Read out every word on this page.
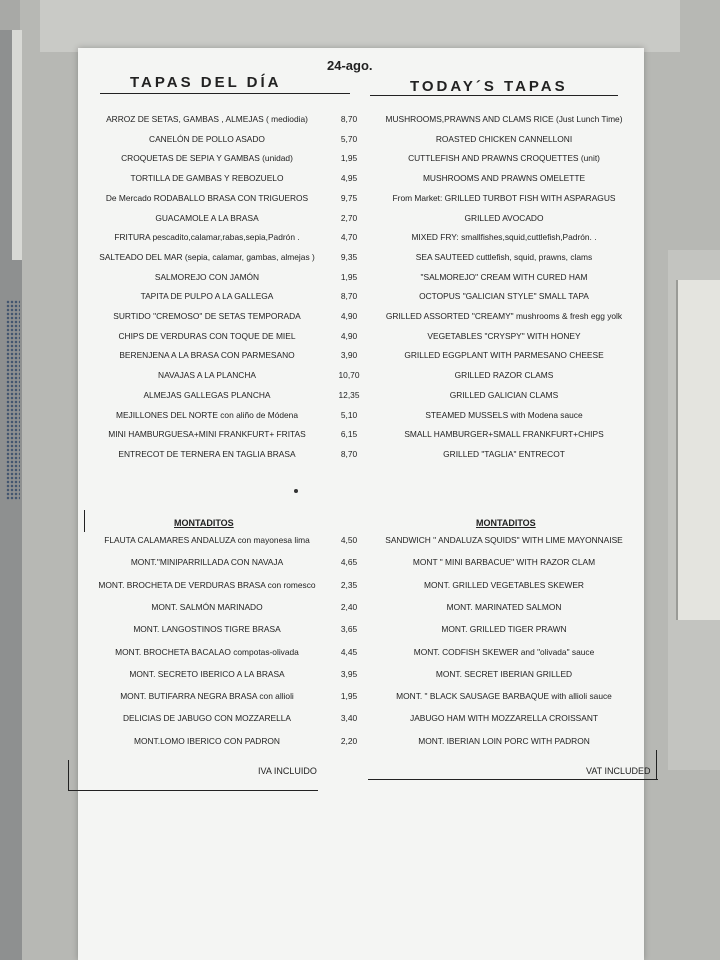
24-ago.
TAPAS DEL DÍA	TODAY´S TAPAS
ARROZ DE SETAS, GAMBAS , ALMEJAS ( mediodia)	8,70	MUSHROOMS,PRAWNS AND CLAMS RICE (Just Lunch Time)
CANELÓN DE POLLO ASADO	5,70	ROASTED CHICKEN CANNELLONI
CROQUETAS DE SEPIA Y GAMBAS (unidad)	1,95	CUTTLEFISH AND PRAWNS CROQUETTES (unit)
TORTILLA DE GAMBAS Y REBOZUELO	4,95	MUSHROOMS AND PRAWNS OMELETTE
De Mercado RODABALLO BRASA CON TRIGUEROS	9,75	From Market: GRILLED TURBOT FISH WITH ASPARAGUS
GUACAMOLE A LA BRASA	2,70	GRILLED AVOCADO
FRITURA pescadito,calamar,rabas,sepia,Padrón .	4,70	MIXED FRY: smallfishes,squid,cuttlefish,Padrón. .
SALTEADO DEL MAR (sepia, calamar, gambas, almejas )	9,35	SEA SAUTEED cuttlefish, squid, prawns, clams
SALMOREJO CON JAMÓN	1,95	"SALMOREJO" CREAM WITH CURED HAM
TAPITA DE PULPO A LA GALLEGA	8,70	OCTOPUS "GALICIAN STYLE" SMALL TAPA
SURTIDO "CREMOSO" DE SETAS TEMPORADA	4,90	GRILLED ASSORTED "CREAMY" mushrooms & fresh egg yolk
CHIPS DE VERDURAS CON TOQUE DE MIEL	4,90	VEGETABLES "CRYSPY" WITH HONEY
BERENJENA A LA BRASA CON PARMESANO	3,90	GRILLED EGGPLANT WITH PARMESANO CHEESE
NAVAJAS A LA PLANCHA	10,70	GRILLED RAZOR CLAMS
ALMEJAS GALLEGAS PLANCHA	12,35	GRILLED GALICIAN CLAMS
MEJILLONES DEL NORTE con aliño de Módena	5,10	STEAMED MUSSELS with Modena sauce
MINI HAMBURGUESA+MINI FRANKFURT+ FRITAS	6,15	SMALL HAMBURGER+SMALL FRANKFURT+CHIPS
ENTRECOT DE TERNERA EN TAGLIA BRASA	8,70	GRILLED "TAGLIA" ENTRECOT
MONTADITOS	MONTADITOS
FLAUTA CALAMARES ANDALUZA con mayonesa lima	4,50	SANDWICH " ANDALUZA SQUIDS" WITH LIME MAYONNAISE
MONT."MINIPARRILLADA CON NAVAJA	4,65	MONT " MINI BARBACUE" WITH RAZOR CLAM
MONT. BROCHETA DE VERDURAS BRASA con romesco	2,35	MONT. GRILLED VEGETABLES SKEWER
MONT. SALMÓN MARINADO	2,40	MONT. MARINATED SALMON
MONT. LANGOSTINOS TIGRE BRASA	3,65	MONT. GRILLED TIGER PRAWN
MONT. BROCHETA BACALAO compotas-olivada	4,45	MONT. CODFISH SKEWER and "olivada" sauce
MONT. SECRETO IBERICO A LA BRASA	3,95	MONT. SECRET IBERIAN GRILLED
MONT. BUTIFARRA NEGRA BRASA con allioli	1,95	MONT. " BLACK SAUSAGE BARBAQUE with allioli sauce
DELICIAS DE JABUGO CON MOZZARELLA	3,40	JABUGO HAM WITH MOZZARELLA CROISSANT
MONT.LOMO IBERICO CON PADRON	2,20	MONT. IBERIAN LOIN PORC WITH PADRON
IVA INCLUIDO	VAT INCLUDED
